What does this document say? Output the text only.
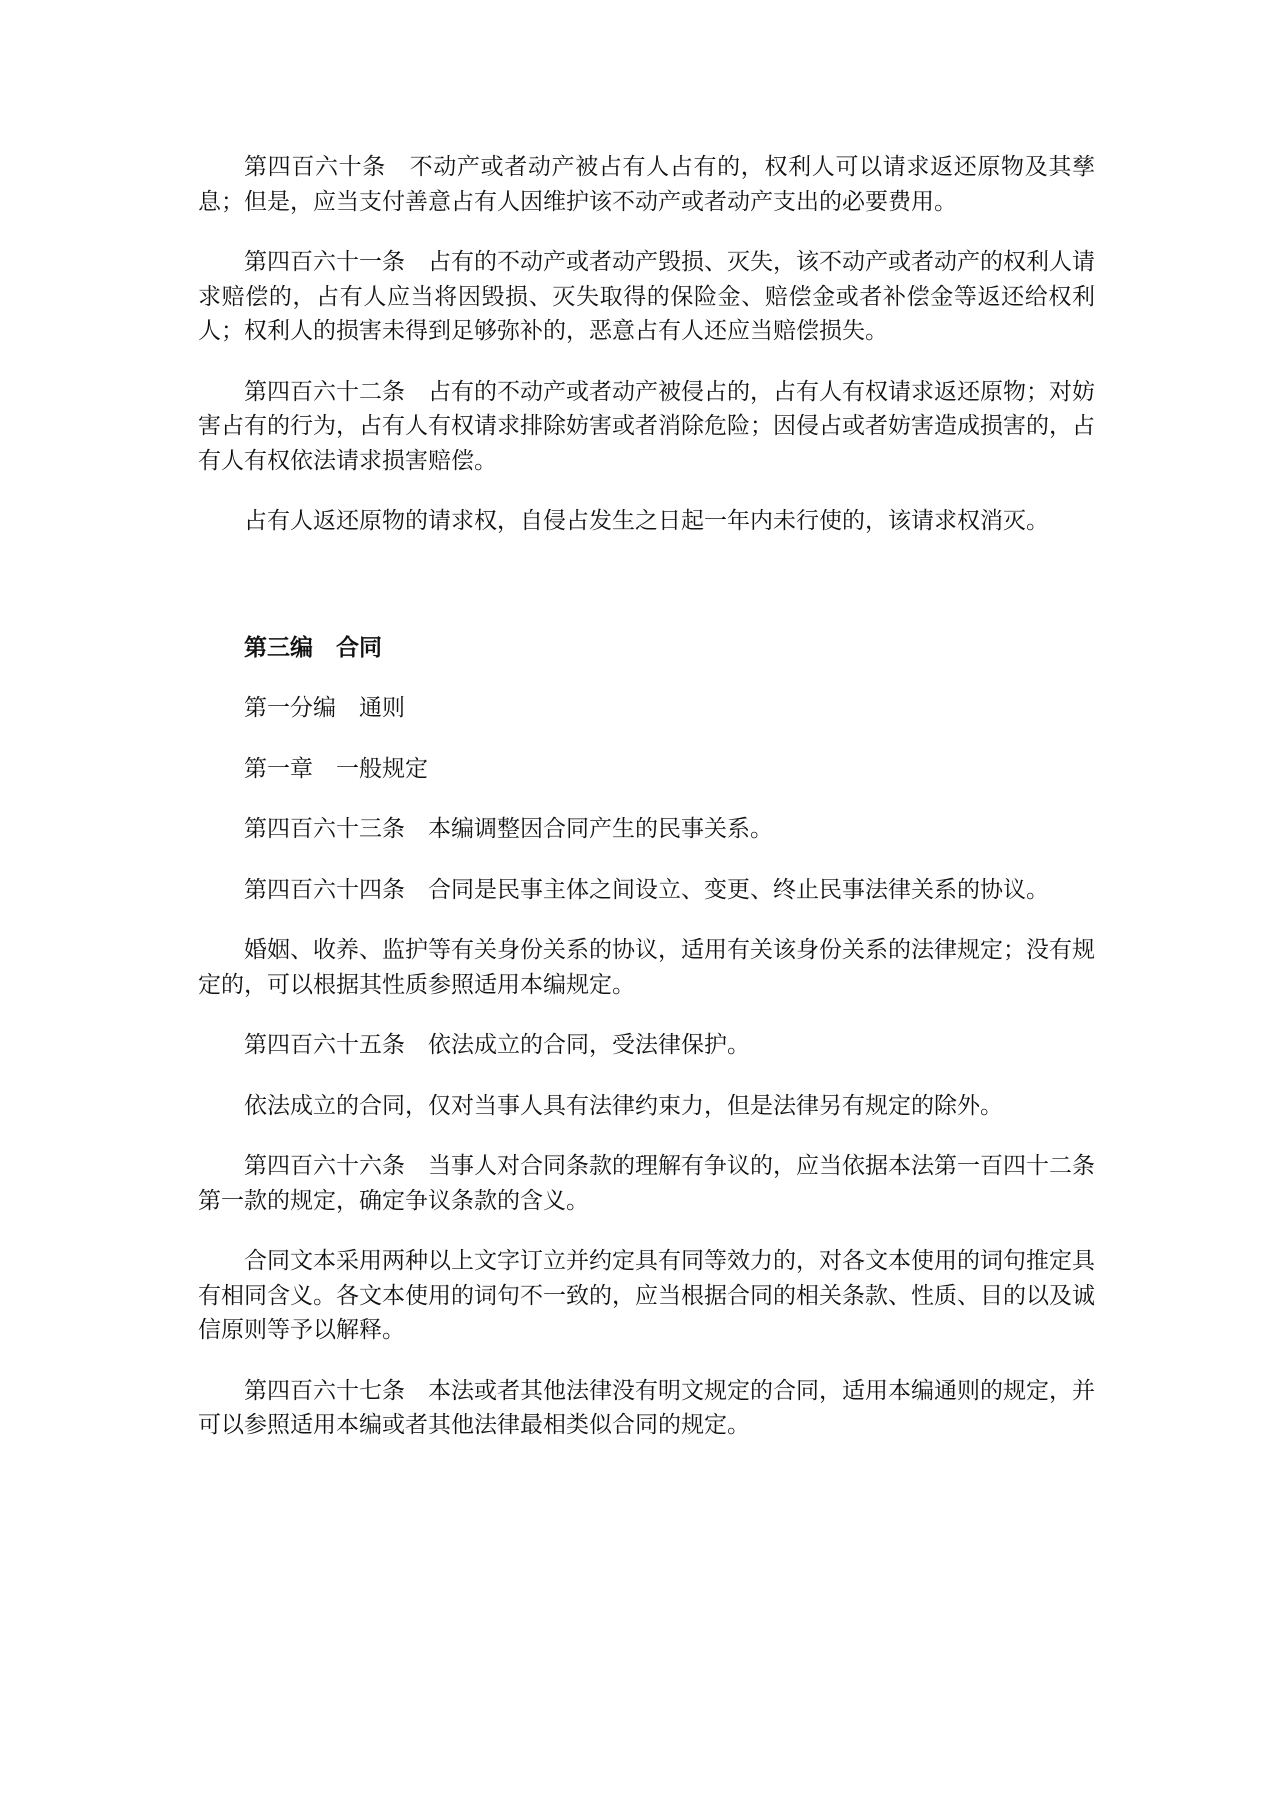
第四百六十条 不动产或者动产被占有人占有的，权利人可以请求返还原物及其孳息；但是，应当支付善意占有人因维护该不动产或者动产支出的必要费用。

第四百六十一条 占有的不动产或者动产毁损、灭失，该不动产或者动产的权利人请求赔偿的，占有人应当将因毁损、灭失取得的保险金、赔偿金或者补偿金等返还给权利人；权利人的损害未得到足够弥补的，恶意占有人还应当赔偿损失。

第四百六十二条 占有的不动产或者动产被侵占的，占有人有权请求返还原物；对妨害占有的行为，占有人有权请求排除妨害或者消除危险；因侵占或者妨害造成损害的，占有人有权依法请求损害赔偿。

占有人返还原物的请求权，自侵占发生之日起一年内未行使的，该请求权消灭。

第三编 合同

第一分编 通则

第一章 一般规定

第四百六十三条 本编调整因合同产生的民事关系。

第四百六十四条 合同是民事主体之间设立、变更、终止民事法律关系的协议。

婚姻、收养、监护等有关身份关系的协议，适用有关该身份关系的法律规定；没有规定的，可以根据其性质参照适用本编规定。

第四百六十五条 依法成立的合同，受法律保护。

依法成立的合同，仅对当事人具有法律约束力，但是法律另有规定的除外。

第四百六十六条 当事人对合同条款的理解有争议的，应当依据本法第一百四十二条第一款的规定，确定争议条款的含义。

合同文本采用两种以上文字订立并约定具有同等效力的，对各文本使用的词句推定具有相同含义。各文本使用的词句不一致的，应当根据合同的相关条款、性质、目的以及诚信原则等予以解释。

第四百六十七条 本法或者其他法律没有明文规定的合同，适用本编通则的规定，并可以参照适用本编或者其他法律最相类似合同的规定。
